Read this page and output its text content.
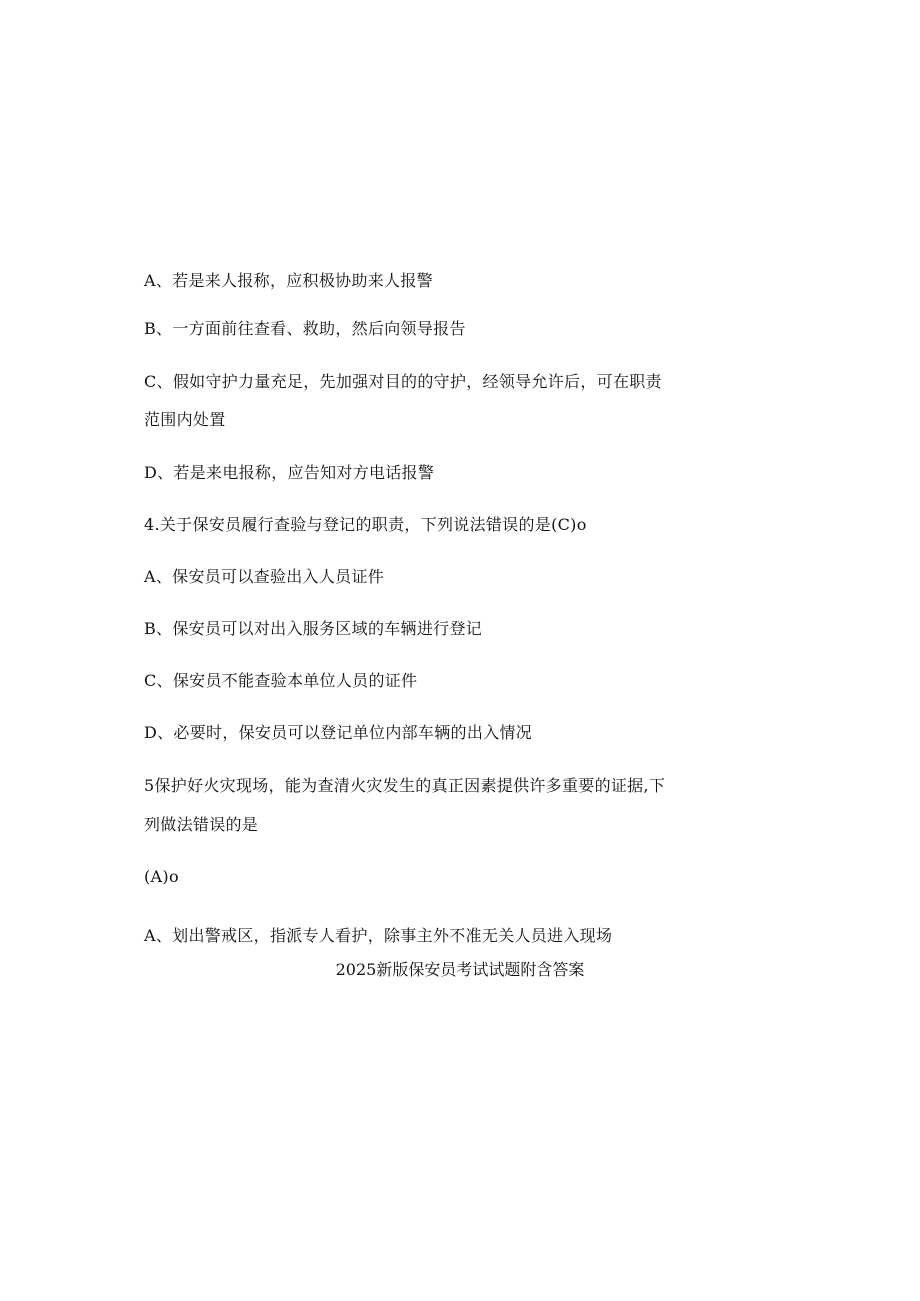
A、若是来人报称，应积极协助来人报警
B、一方面前往查看、救助，然后向领导报告
C、假如守护力量充足，先加强对目的的守护，经领导允许后，可在职责
范围内处置
D、若是来电报称，应告知对方电话报警
4.关于保安员履行查验与登记的职责，下列说法错误的是(C)o
A、保安员可以查验出入人员证件
B、保安员可以对出入服务区域的车辆进行登记
C、保安员不能查验本单位人员的证件
D、必要时，保安员可以登记单位内部车辆的出入情况
5保护好火灾现场，能为查清火灾发生的真正因素提供许多重要的证据,下
列做法错误的是
(A)o
A、划出警戒区，指派专人看护，除事主外不准无关人员进入现场
2025新版保安员考试试题附含答案
